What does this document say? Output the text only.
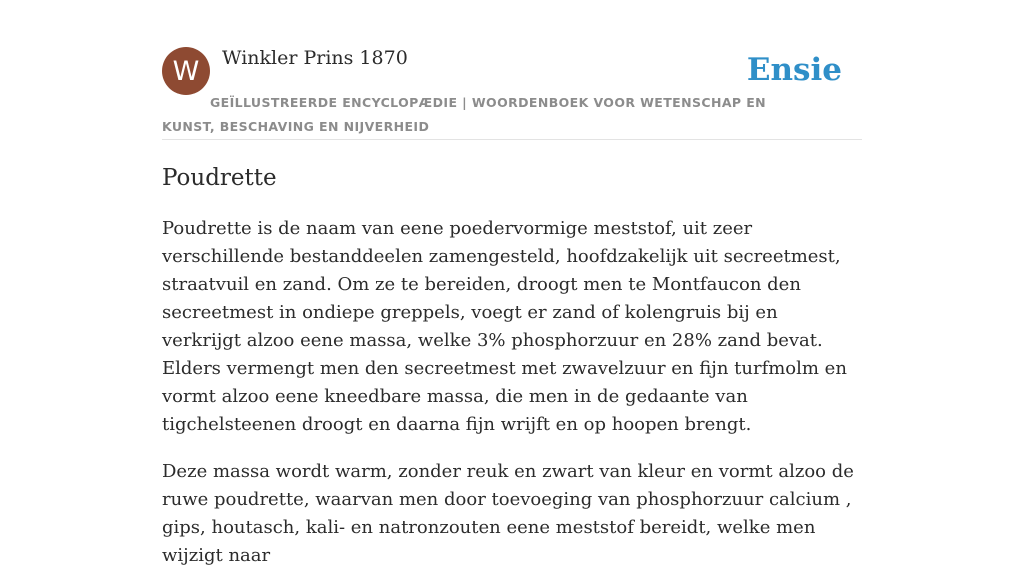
W Winkler Prins 1870
GEÏLLUSTREERDE ENCYCLOPÆDIE | WOORDENBOEK VOOR WETENSCHAP EN KUNST, BESCHAVING EN NIJVERHEID
Ensie
Poudrette

Poudrette is de naam van eene poedervormige meststof, uit zeer verschillende bestanddeelen zamengesteld, hoofdzakelijk uit secreetmest, straatvuil en zand. Om ze te bereiden, droogt men te Montfaucon den secreetmest in ondiepe greppels, voegt er zand of kolengruis bij en verkrijgt alzoo eene massa, welke 3% phosphorzuur en 28% zand bevat. Elders vermengt men den secreetmest met zwavelzuur en fijn turfmolm en vormt alzoo eene kneedbare massa, die men in de gedaante van tigchelsteenen droogt en daarna fijn wrijft en op hoopen brengt.

Deze massa wordt warm, zonder reuk en zwart van kleur en vormt alzoo de ruwe poudrette, waarvan men door toevoeging van phosphorzuur calcium , gips, houtasch, kali- en natronzouten eene meststof bereidt, welke men wijzigt naar
